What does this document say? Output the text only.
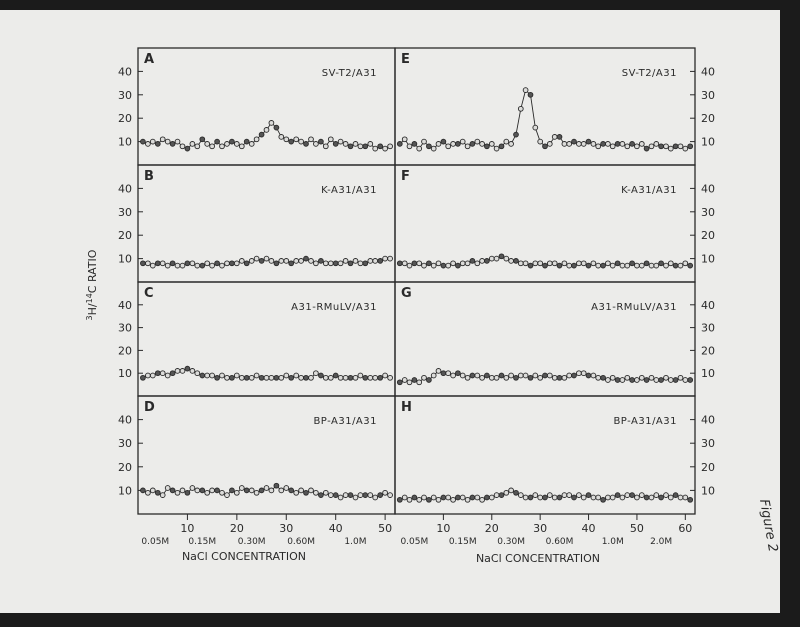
$^3$H/$^{14}$C RATIO
Figure 2
10
20
30
40
A
SV-T2/A31
10
20
30
40
B
K-A31/A31
10
20
30
40
C
A31-RMuLV/A31
10
20
30
40
D
BP-A31/A31
10
20
30
40
E
SV-T2/A31
10
20
30
40
F
K-A31/A31
10
20
30
40
G
A31-RMuLV/A31
10
20
30
40
H
BP-A31/A31
10	20	30	40	50
0.05M 0.15M 0.30M 0.60M	1.0M
10	20	30	40	50	60
0.05M 0.15M 0.30M 0.60M	1.0M	2.0M
NaCl CONCENTRATION	NaCl CONCENTRATION
